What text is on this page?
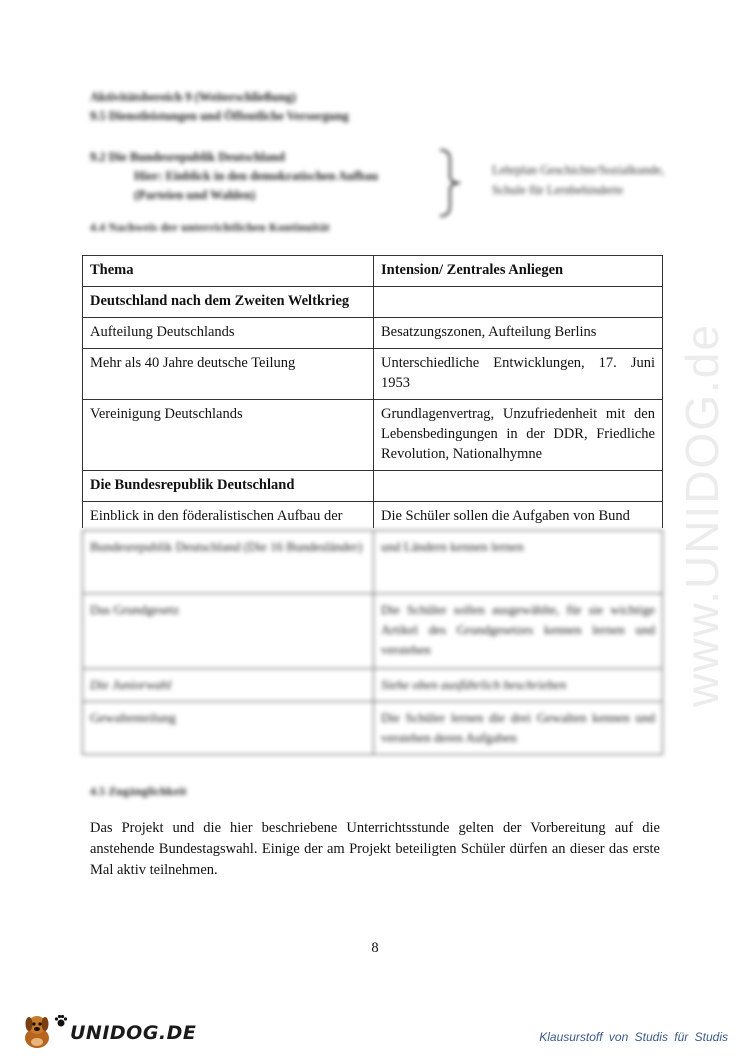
Aktivitätsbereich 9 (Weiterschließung)
9.5 Dienstleistungen und Öffentliche Versorgung
9.2 Die Bundesrepublik Deutschland
Hier: Einblick in den demokratischen Aufbau
(Parteien und Wahlen)
Lehrplan Geschichte/Sozialkunde,
Schule für Lernbehinderte
4.4 Nachweis der unterrichtlichen Kontinuität
Thema	Intension/ Zentrales Anliegen
Deutschland nach dem Zweiten Weltkrieg	
Aufteilung Deutschlands	Besatzungszonen, Aufteilung Berlins
Mehr als 40 Jahre deutsche Teilung	Unterschiedliche Entwicklungen, 17. Juni 1953
Vereinigung Deutschlands	Grundlagenvertrag, Unzufriedenheit mit den Lebensbedingungen in der DDR, Friedliche Revolution, Nationalhymne
Die Bundesrepublik Deutschland	
Einblick in den föderalistischen Aufbau der	Die Schüler sollen die Aufgaben von Bund
Bundesrepublik Deutschland (Die 16 Bundesländer)	und Ländern kennen lernen
Das Grundgesetz	Die Schüler sollen ausgewählte, für sie wichtige Artikel des Grundgesetzes kennen lernen und verstehen
Die Juniorwahl	Siehe oben ausführlich beschrieben
Gewaltenteilung	Die Schüler lernen die drei Gewalten kennen und verstehen deren Aufgaben
www.UNIDOG.de
4.5 Zugänglichkeit
Das Projekt und die hier beschriebene Unterrichtsstunde gelten der Vorbereitung auf die anstehende Bundestagswahl. Einige der am Projekt beteiligten Schüler dürfen an dieser das erste Mal aktiv teilnehmen.
8
UNIDOG.DE	Klausurstoff von Studis für Studis
